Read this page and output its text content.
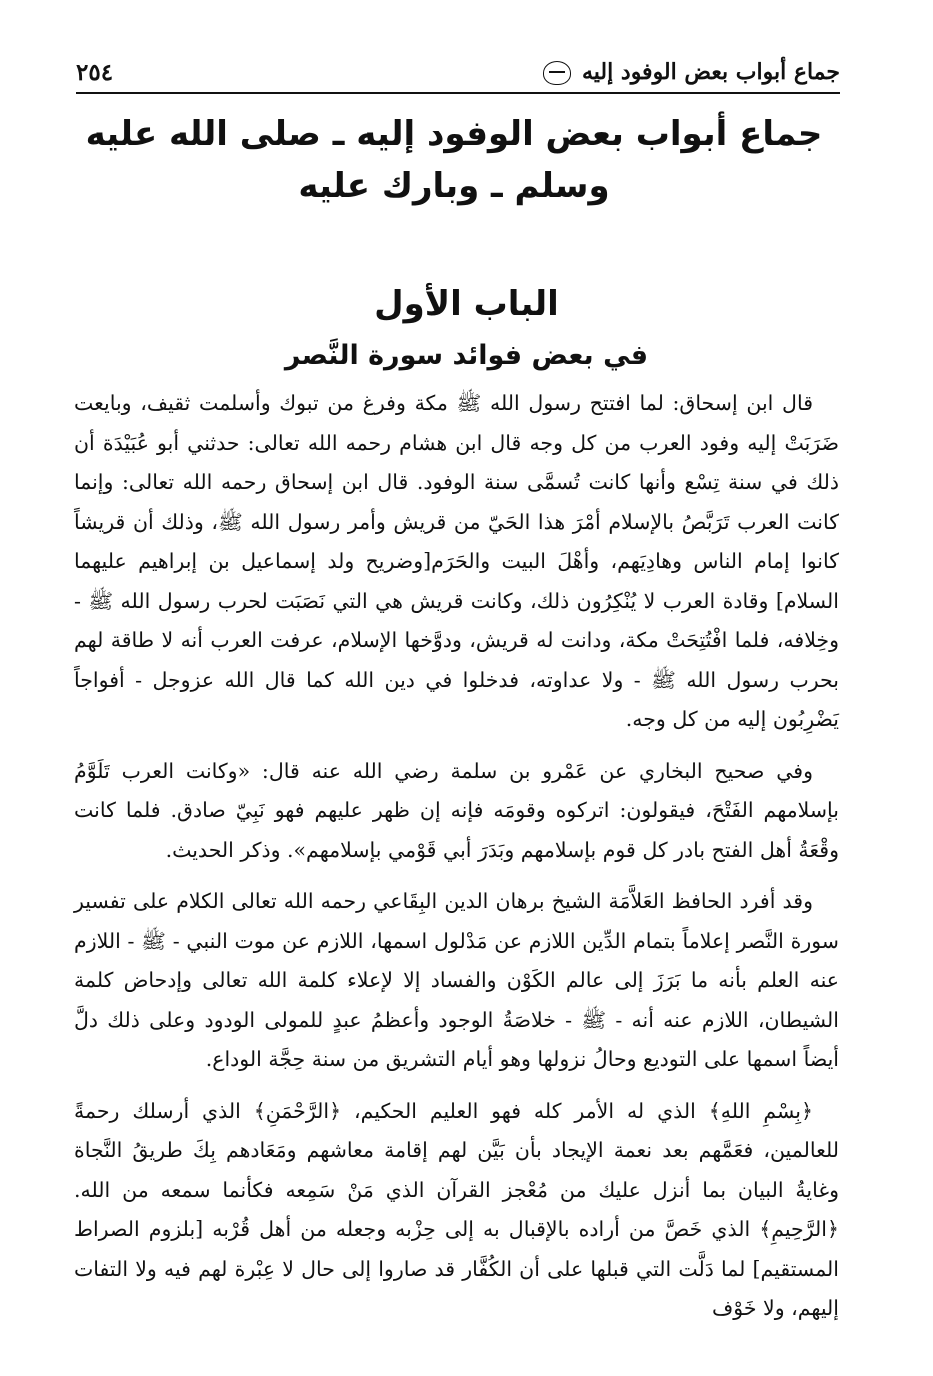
جماع أبواب بعض الوفود إليه
٢٥٤
جماع أبواب بعض الوفود إليه ـ صلى الله عليه وسلم ـ وبارك عليه
الباب الأول
في بعض فوائد سورة النَّصر

قال ابن إسحاق: لما افتتح رسول الله ﷺ مكة وفرغ من تبوك وأسلمت ثقيف، وبايعت ضَرَبَتْ إليه وفود العرب من كل وجه قال ابن هشام رحمه الله تعالى: حدثني أبو عُبَيْدَة أن ذلك في سنة تِسْع وأنها كانت تُسمَّى سنة الوفود. قال ابن إسحاق رحمه الله تعالى: وإنما كانت العرب تَرَبَّصُ بالإسلام أمْرَ هذا الحَيّ من قريش وأمر رسول الله ﷺ، وذلك أن قريشاً كانوا إمام الناس وهادِيَهم، وأهْلَ البيت والحَرَم[وضريح ولد إسماعيل بن إبراهيم عليهما السلام] وقادة العرب لا يُنْكِرُون ذلك، وكانت قريش هي التي نَصَبَت لحرب رسول الله ﷺ - وخِلافه، فلما افْتُتِحَتْ مكة، ودانت له قريش، ودوَّخها الإسلام، عرفت العرب أنه لا طاقة لهم بحرب رسول الله ﷺ - ولا عداوته، فدخلوا في دين الله كما قال الله عزوجل - أفواجاً يَضْرِبُون إليه من كل وجه.

وفي صحيح البخاري عن عَمْرو بن سلمة رضي الله عنه قال: «وكانت العرب تَلَوَّمُ بإسلامهم الفَتْحَ، فيقولون: اتركوه وقومَه فإنه إن ظهر عليهم فهو نَبِيّ صادق. فلما كانت وقْعَةُ أهل الفتح بادر كل قوم بإسلامهم وبَدَرَ أبي قَوْمي بإسلامهم». وذكر الحديث.

وقد أفرد الحافظ العَلاَّمَة الشيخ برهان الدين البِقَاعي رحمه الله تعالى الكلام على تفسير سورة النَّصر إعلاماً بتمام الدِّين اللازم عن مَدْلول اسمها، اللازم عن موت النبي - ﷺ - اللازم عنه العلم بأنه ما بَرَزَ إلى عالم الكَوْن والفساد إلا لإعلاء كلمة الله تعالى وإدحاض كلمة الشيطان، اللازم عنه أنه - ﷺ - خلاصَةُ الوجود وأعظمُ عبدٍ للمولى الودود وعلى ذلك دلَّ أيضاً اسمها على التوديع وحالُ نزولها وهو أيام التشريق من سنة حِجَّة الوداع.

﴿بِسْمِ اللهِ﴾ الذي له الأمر كله فهو العليم الحكيم، ﴿الرَّحْمَنِ﴾ الذي أرسلك رحمةً للعالمين، فعَمَّهم بعد نعمة الإيجاد بأن بَيَّن لهم إقامة معاشهم ومَعَادهم بِكَ طريقُ النَّجاة وغايةُ البيان بما أنزل عليك من مُعْجز القرآن الذي مَنْ سَمِعه فكأنما سمعه من الله. ﴿الرَّحِيمِ﴾ الذي خَصَّ من أراده بالإقبال به إلى حِزْبه وجعله من أهل قُرْبه [بلزوم الصراط المستقيم] لما دَلَّت التي قبلها على أن الكُفَّار قد صاروا إلى حال لا عِبْرة لهم فيه ولا التفات إليهم، ولا خَوْف
